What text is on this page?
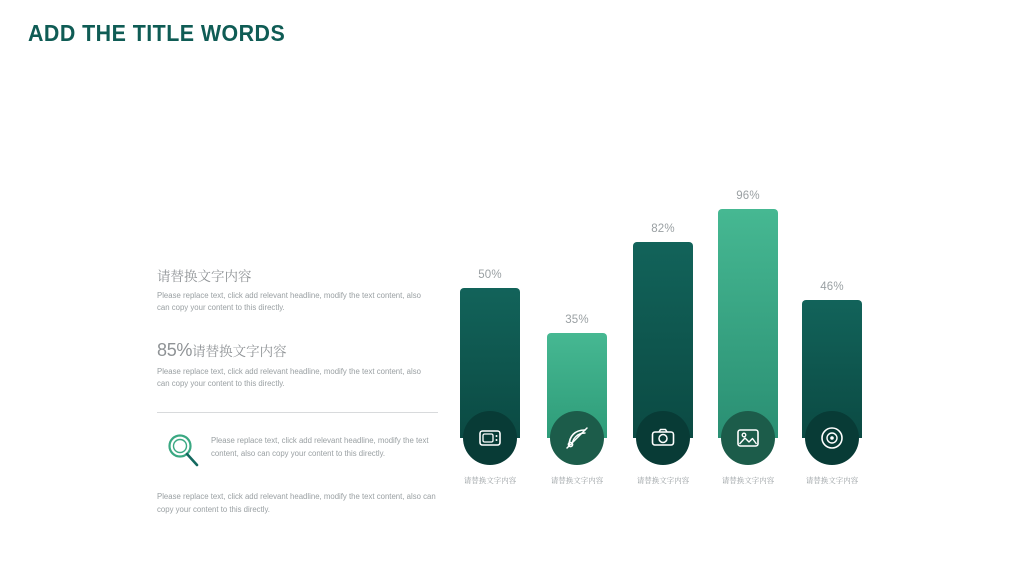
ADD THE TITLE WORDS
请替换文字内容
Please replace text, click add relevant headline, modify the text content, also can copy your content to this directly.
85%请替换文字内容
Please replace text, click add relevant headline, modify the text content, also can copy your content to this directly.
Please replace text, click add relevant headline, modify the text content, also can copy your content to this directly.
Please replace text, click add relevant headline, modify the text content, also can copy your content to this directly.
50%
请替换文字内容
35%
请替换文字内容
82%
请替换文字内容
96%
请替换文字内容
46%
请替换文字内容
